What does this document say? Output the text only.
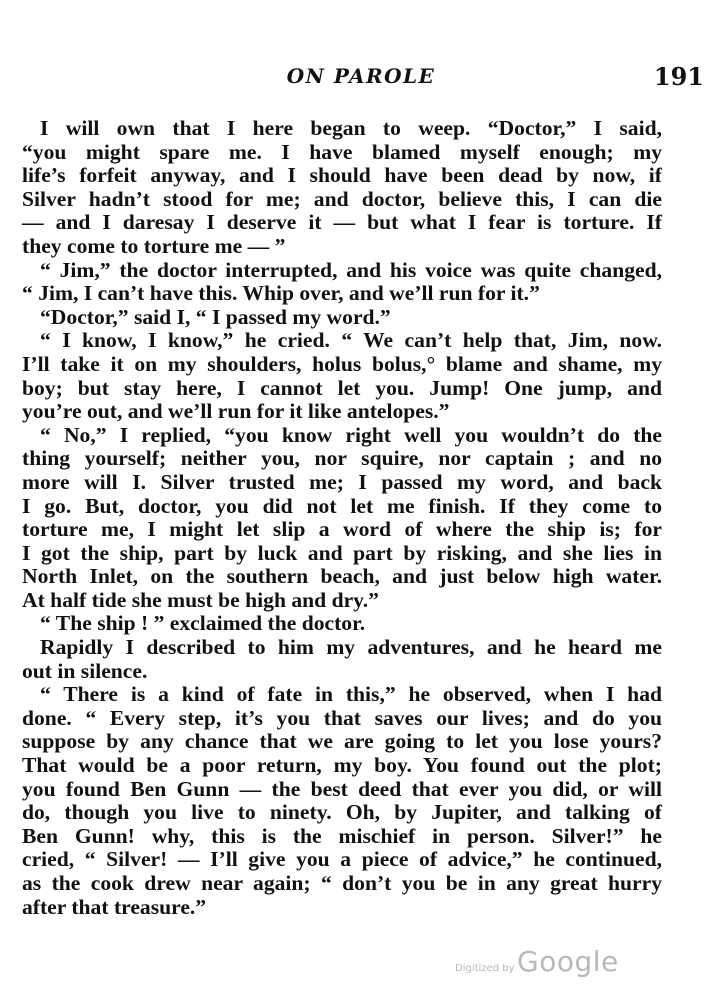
ON PAROLE	191
I will own that I here began to weep. “Doctor,” I said,
“you might spare me. I have blamed myself enough; my
life’s forfeit anyway, and I should have been dead by now, if
Silver hadn’t stood for me; and doctor, believe this, I can die
— and I daresay I deserve it — but what I fear is torture. If
they come to torture me — ”
“ Jim,” the doctor interrupted, and his voice was quite changed,
“ Jim, I can’t have this. Whip over, and we’ll run for it.”
“Doctor,” said I, “ I passed my word.”
“ I know, I know,” he cried. “ We can’t help that, Jim, now.
I’ll take it on my shoulders, holus bolus,° blame and shame, my
boy; but stay here, I cannot let you. Jump! One jump, and
you’re out, and we’ll run for it like antelopes.”
“ No,” I replied, “you know right well you wouldn’t do the
thing yourself; neither you, nor squire, nor captain ; and no
more will I. Silver trusted me; I passed my word, and back
I go. But, doctor, you did not let me finish. If they come to
torture me, I might let slip a word of where the ship is; for
I got the ship, part by luck and part by risking, and she lies in
North Inlet, on the southern beach, and just below high water.
At half tide she must be high and dry.”
“ The ship ! ” exclaimed the doctor.
Rapidly I described to him my adventures, and he heard me
out in silence.
“ There is a kind of fate in this,” he observed, when I had
done. “ Every step, it’s you that saves our lives; and do you
suppose by any chance that we are going to let you lose yours?
That would be a poor return, my boy. You found out the plot;
you found Ben Gunn — the best deed that ever you did, or will
do, though you live to ninety. Oh, by Jupiter, and talking of
Ben Gunn! why, this is the mischief in person. Silver!” he
cried, “ Silver! — I’ll give you a piece of advice,” he continued,
as the cook drew near again; “ don’t you be in any great hurry
after that treasure.”
Digitized by Google
